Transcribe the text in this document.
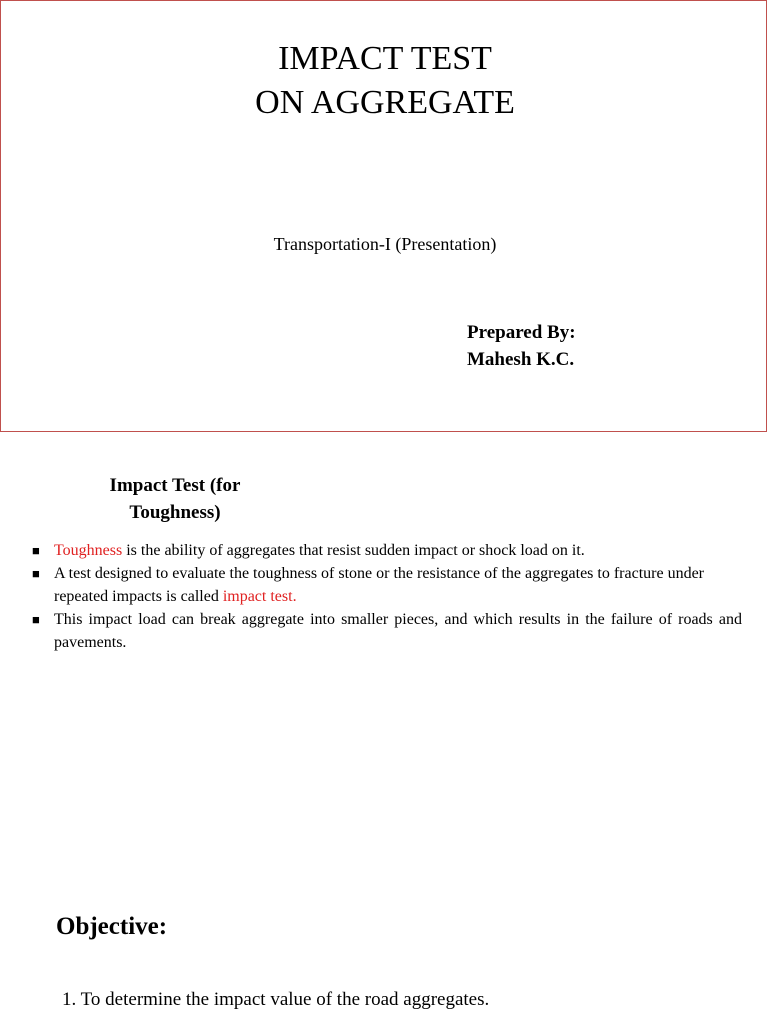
IMPACT TEST
ON AGGREGATE
Transportation-I (Presentation)
Prepared By:
Mahesh K.C.
Impact Test (for
Toughness)
■ Toughness is the ability of aggregates that resist sudden impact or shock load on it.
■ A test designed to evaluate the toughness of stone or the resistance of the aggregates to fracture under repeated impacts is called impact test.
■ This impact load can break aggregate into smaller pieces, and which results in the failure of roads and pavements.
Objective:
1. To determine the impact value of the road aggregates.
